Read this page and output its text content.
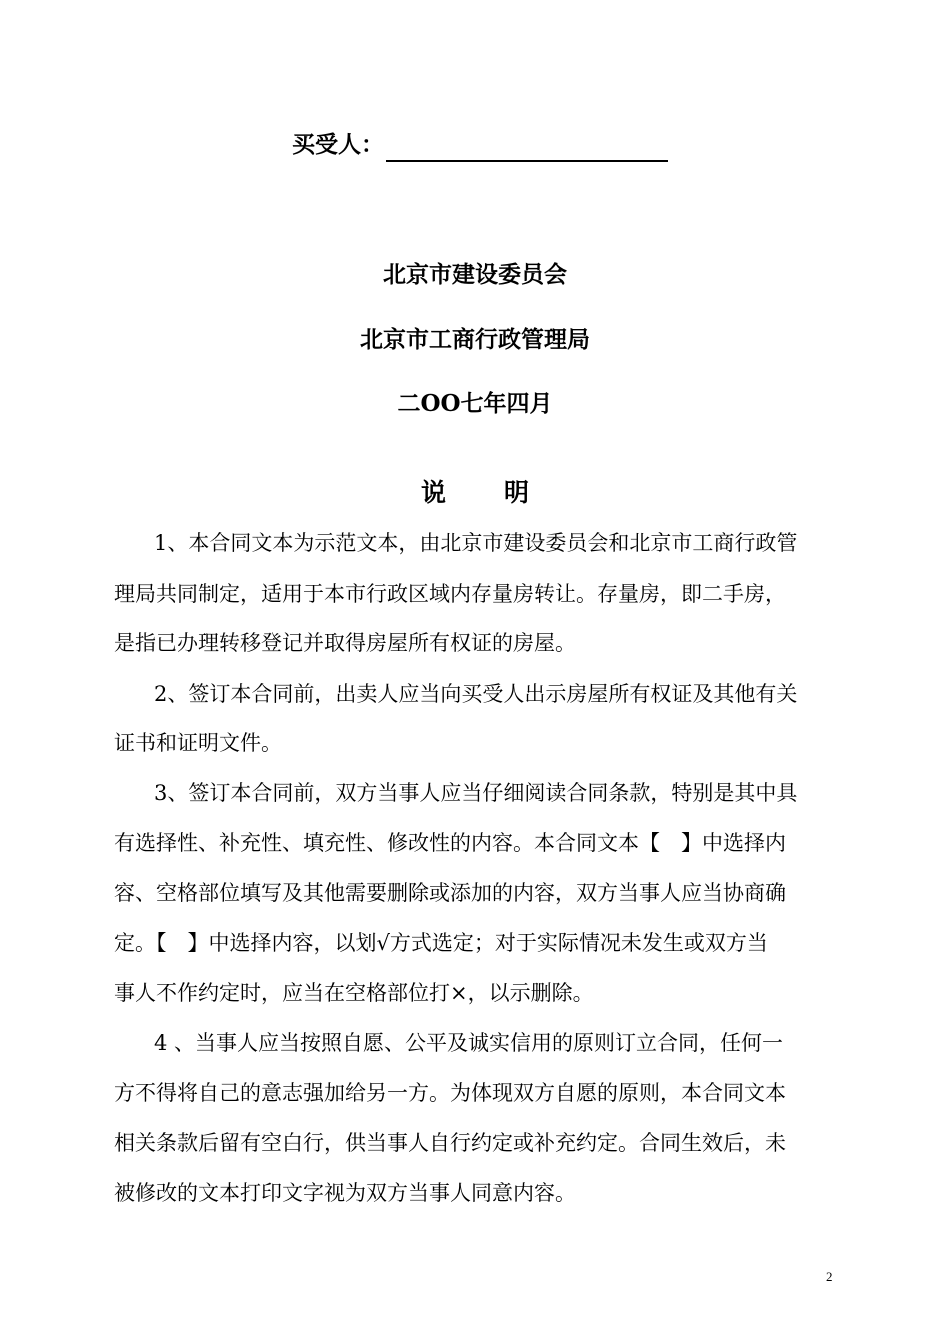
买受人：
北京市建设委员会
北京市工商行政管理局
二OO七年四月
说明
1、本合同文本为示范文本，由北京市建设委员会和北京市工商行政管
理局共同制定，适用于本市行政区域内存量房转让。存量房，即二手房，
是指已办理转移登记并取得房屋所有权证的房屋。
2、签订本合同前，出卖人应当向买受人出示房屋所有权证及其他有关
证书和证明文件。
3、签订本合同前，双方当事人应当仔细阅读合同条款，特别是其中具
有选择性、补充性、填充性、修改性的内容。本合同文本【　】中选择内
容、空格部位填写及其他需要删除或添加的内容，双方当事人应当协商确
定。【　】中选择内容，以划√方式选定；对于实际情况未发生或双方当
事人不作约定时，应当在空格部位打×，以示删除。
4 、当事人应当按照自愿、公平及诚实信用的原则订立合同，任何一
方不得将自己的意志强加给另一方。为体现双方自愿的原则，本合同文本
相关条款后留有空白行，供当事人自行约定或补充约定。合同生效后，未
被修改的文本打印文字视为双方当事人同意内容。
2
